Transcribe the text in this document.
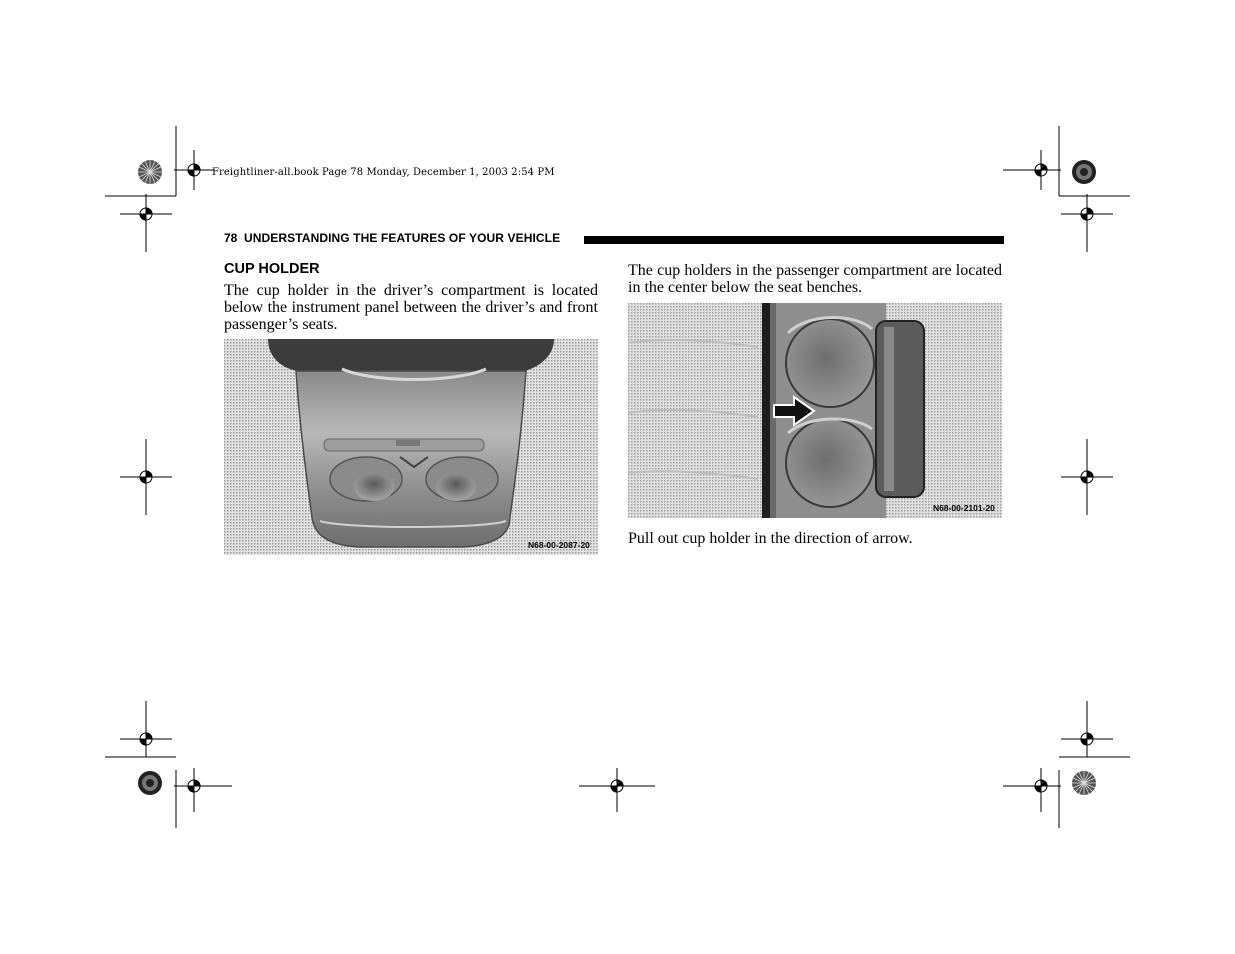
Freightliner-all.book Page 78 Monday, December 1, 2003 2:54 PM
78 UNDERSTANDING THE FEATURES OF YOUR VEHICLE
CUP HOLDER
The cup holder in the driver’s compartment is located below the instrument panel between the driver’s and front passenger’s seats.
N68-00-2087-20
The cup holders in the passenger compartment are located in the center below the seat benches.
N68-00-2101-20
Pull out cup holder in the direction of arrow.
